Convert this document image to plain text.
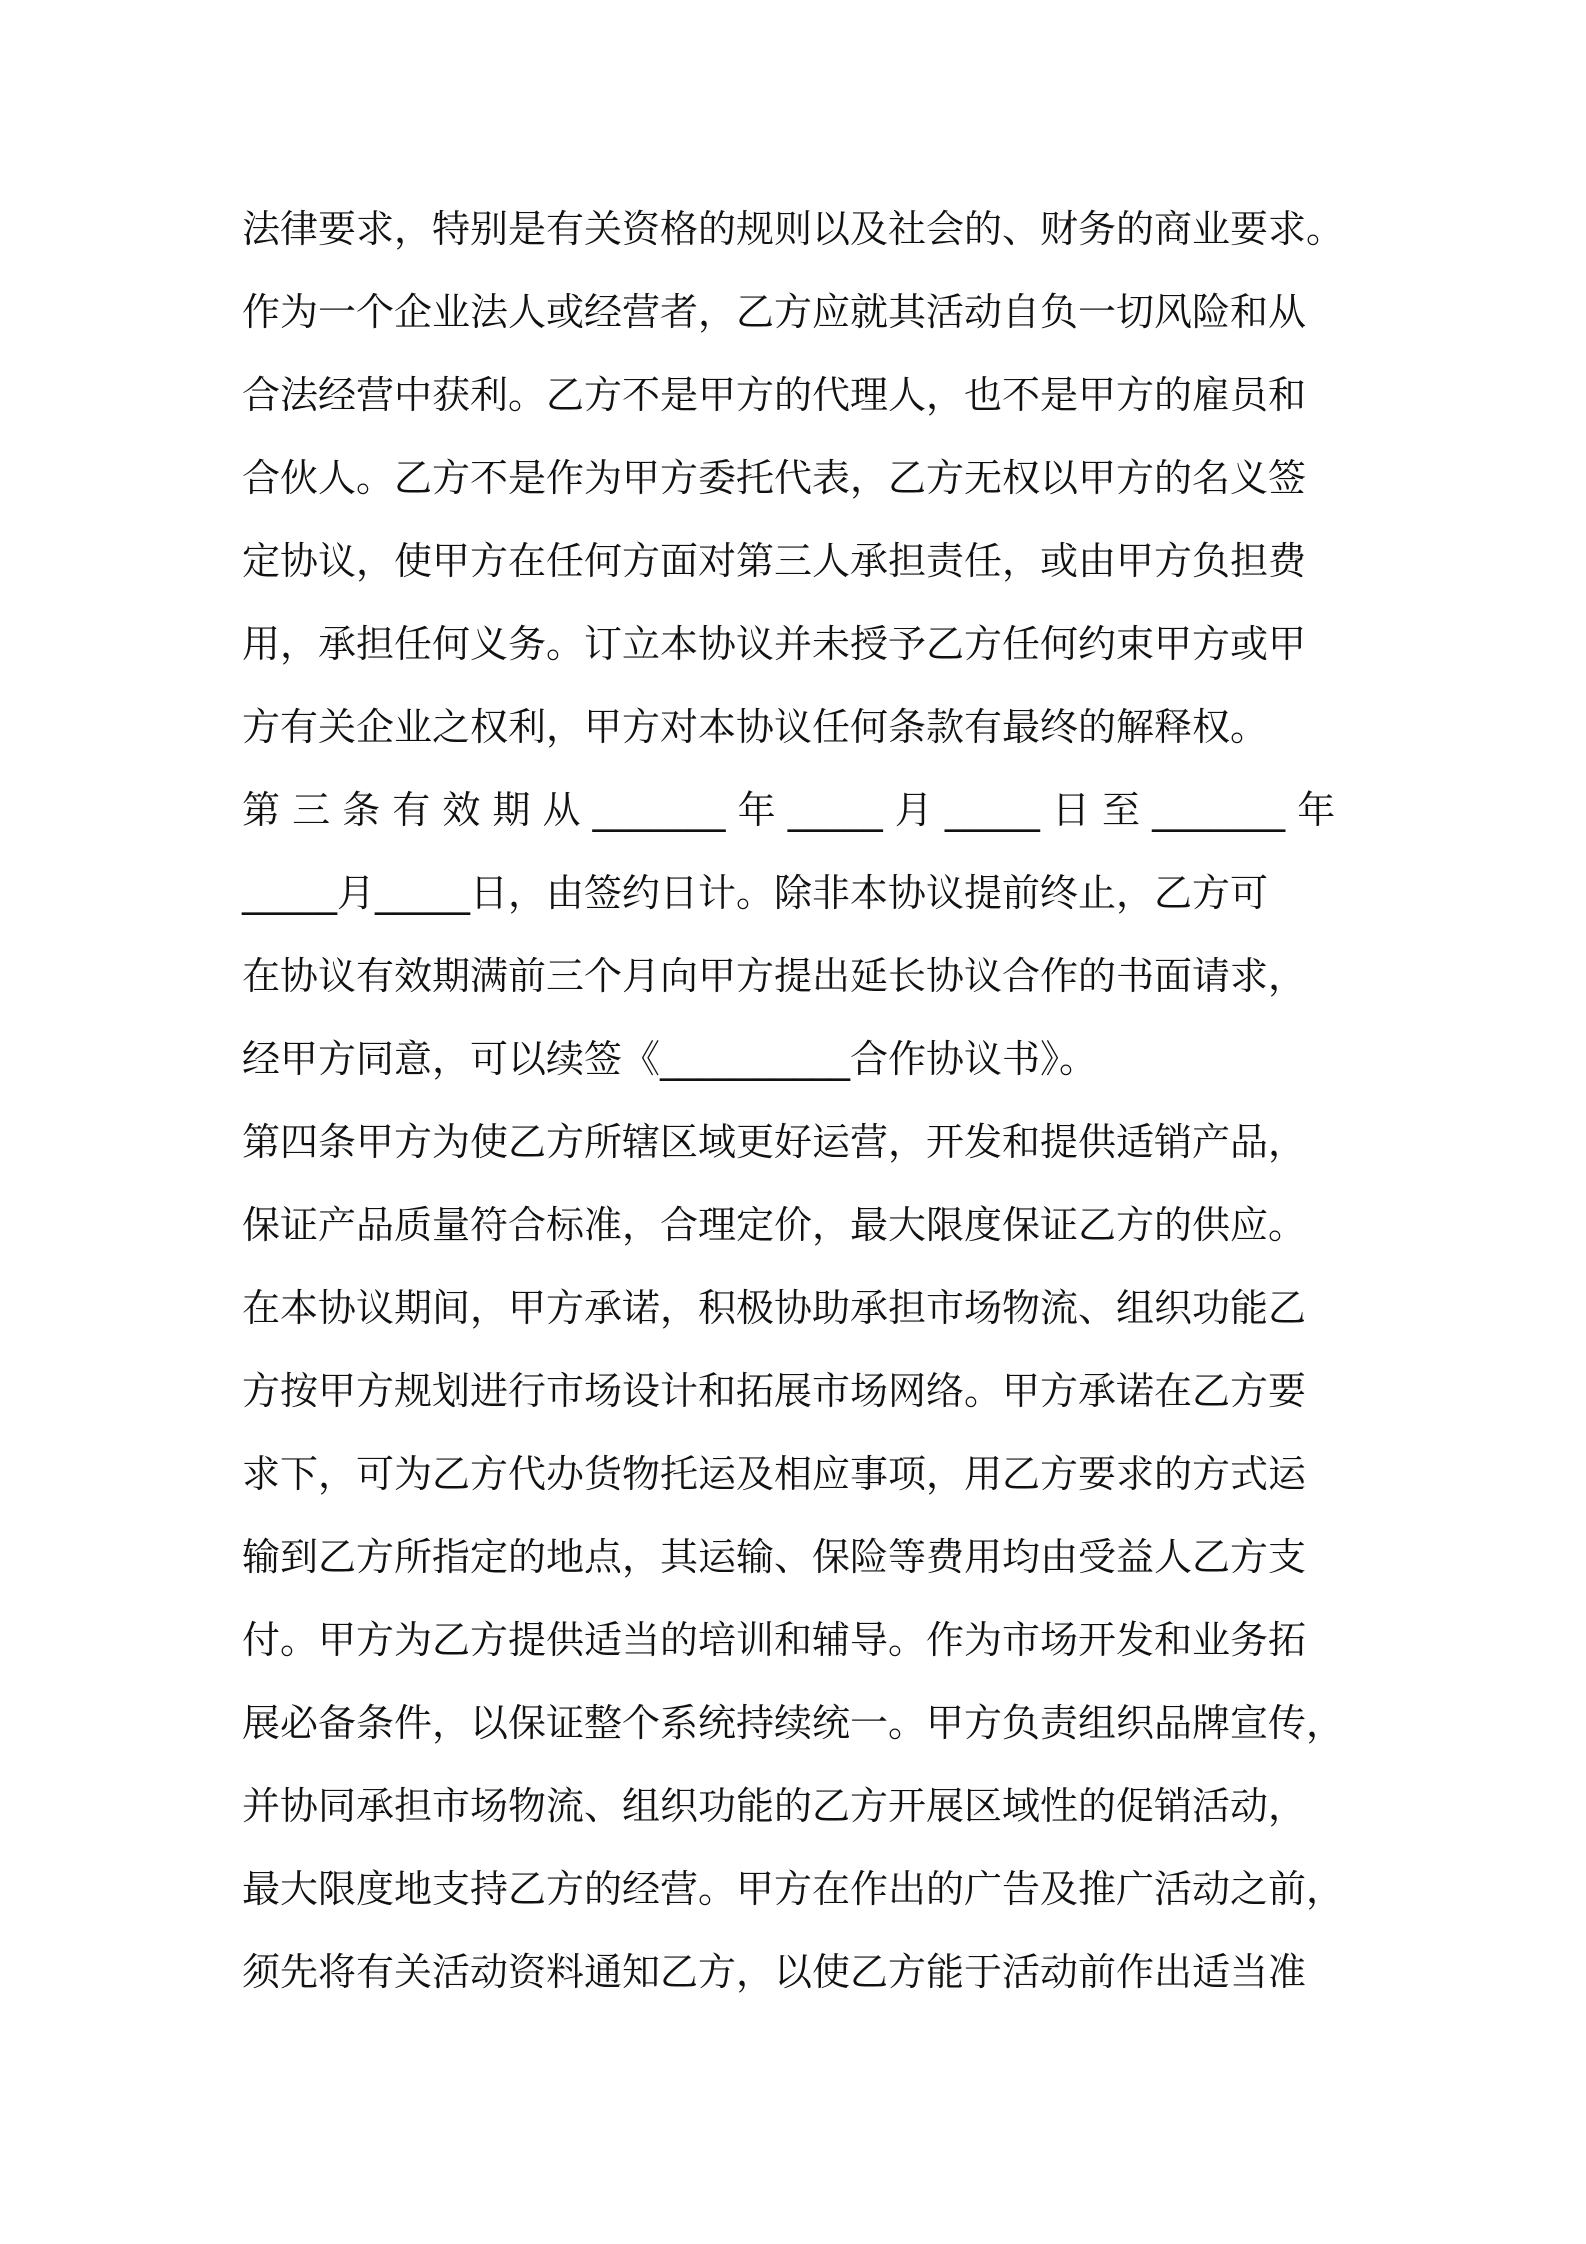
法律要求，特别是有关资格的规则以及社会的、财务的商业要求。
作为一个企业法人或经营者，乙方应就其活动自负一切风险和从
合法经营中获利。乙方不是甲方的代理人，也不是甲方的雇员和
合伙人。乙方不是作为甲方委托代表，乙方无权以甲方的名义签
定协议，使甲方在任何方面对第三人承担责任，或由甲方负担费
用，承担任何义务。订立本协议并未授予乙方任何约束甲方或甲
方有关企业之权利，甲方对本协议任何条款有最终的解释权。
第 三 条 有 效 期 从 _______ 年 _____ 月 _____ 日 至 _______ 年
_____月_____日，由签约日计。除非本协议提前终止，乙方可
在协议有效期满前三个月向甲方提出延长协议合作的书面请求，
经甲方同意，可以续签《__________合作协议书》。
第四条甲方为使乙方所辖区域更好运营，开发和提供适销产品，
保证产品质量符合标准，合理定价，最大限度保证乙方的供应。
在本协议期间，甲方承诺，积极协助承担市场物流、组织功能乙
方按甲方规划进行市场设计和拓展市场网络。甲方承诺在乙方要
求下，可为乙方代办货物托运及相应事项，用乙方要求的方式运
输到乙方所指定的地点，其运输、保险等费用均由受益人乙方支
付。甲方为乙方提供适当的培训和辅导。作为市场开发和业务拓
展必备条件，以保证整个系统持续统一。甲方负责组织品牌宣传，
并协同承担市场物流、组织功能的乙方开展区域性的促销活动，
最大限度地支持乙方的经营。甲方在作出的广告及推广活动之前，
须先将有关活动资料通知乙方，以使乙方能于活动前作出适当准
